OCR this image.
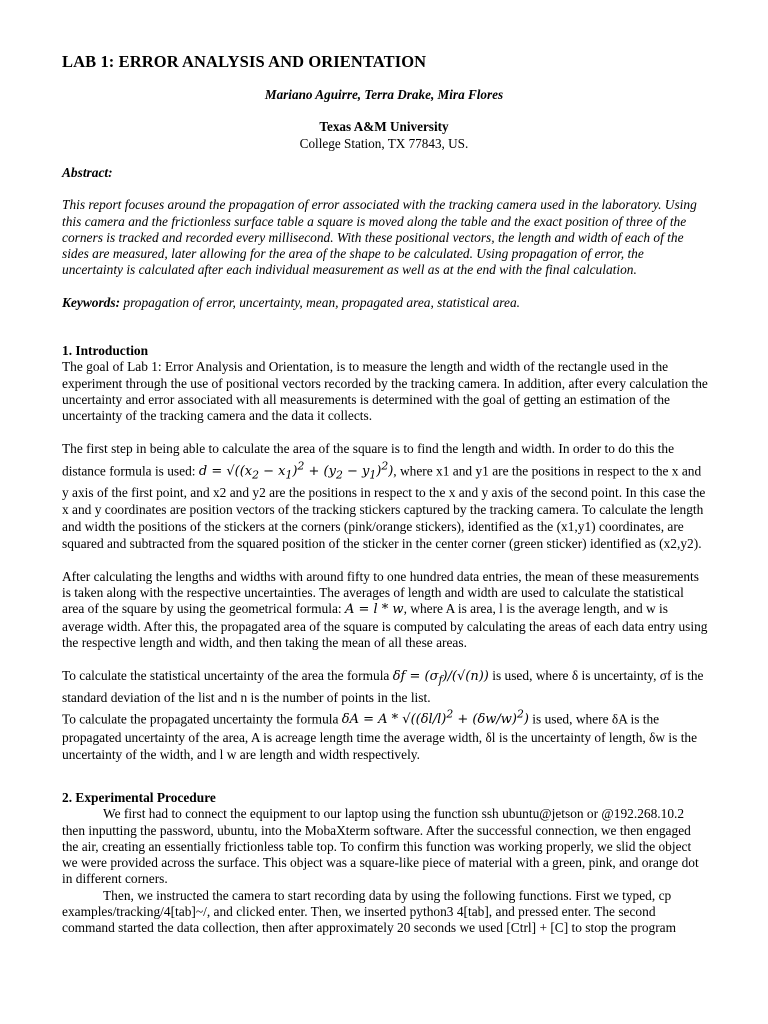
LAB 1: ERROR ANALYSIS AND ORIENTATION
Mariano Aguirre, Terra Drake, Mira Flores
Texas A&M University
College Station, TX 77843, US.

Abstract:

This report focuses around the propagation of error associated with the tracking camera used in the laboratory. Using this camera and the frictionless surface table a square is moved along the table and the exact position of three of the corners is tracked and recorded every millisecond. With these positional vectors, the length and width of each of the sides are measured, later allowing for the area of the shape to be calculated. Using propagation of error, the uncertainty is calculated after each individual measurement as well as at the end with the final calculation.

Keywords: propagation of error, uncertainty, mean, propagated area, statistical area.

1. Introduction

The goal of Lab 1: Error Analysis and Orientation, is to measure the length and width of the rectangle used in the experiment through the use of positional vectors recorded by the tracking camera. In addition, after every calculation the uncertainty and error associated with all measurements is determined with the goal of getting an estimation of the uncertainty of the tracking camera and the data it collects.

The first step in being able to calculate the area of the square is to find the length and width. In order to do this the distance formula is used: $d = √((x_2 - x_1)^2 + (y_2 - y_1)^2)$, where x1 and y1 are the positions in respect to the x and y axis of the first point, and x2 and y2 are the positions in respect to the x and y axis of the second point. In this case the x and y coordinates are position vectors of the tracking stickers captured by the tracking camera. To calculate the length and width the positions of the stickers at the corners (pink/orange stickers), identified as the (x1,y1) coordinates, are squared and subtracted from the squared position of the sticker in the center corner (green sticker) identified as (x2,y2).

After calculating the lengths and widths with around fifty to one hundred data entries, the mean of these measurements is taken along with the respective uncertainties. The averages of length and width are used to calculate the statistical area of the square by using the geometrical formula: A = l * w, where A is area, l is the average length, and w is average width. After this, the propagated area of the square is computed by calculating the areas of each data entry using the respective length and width, and then taking the mean of all these areas.

To calculate the statistical uncertainty of the area the formula $\delta f = (\sigma_f)/(√(n))$ is used, where δ is uncertainty, σf is the standard deviation of the list and n is the number of points in the list.

To calculate the propagated uncertainty the formula $\delta A = A * √((\delta l/l)^2 + (\delta w/w)^2)$ is used, where δA is the propagated uncertainty of the area, A is acreage length time the average width, δl is the uncertainty of length, δw is the uncertainty of the width, and l w are length and width respectively.

2. Experimental Procedure

We first had to connect the equipment to our laptop using the function ssh ubuntu@jetson or @192.268.10.2 then inputting the password, ubuntu, into the MobaXterm software. After the successful connection, we then engaged the air, creating an essentially frictionless table top. To confirm this function was working properly, we slid the object we were provided across the surface. This object was a square-like piece of material with a green, pink, and orange dot in different corners.

Then, we instructed the camera to start recording data by using the following functions. First we typed, cp examples/tracking/4[tab]~/, and clicked enter. Then, we inserted python3 4[tab], and pressed enter. The second command started the data collection, then after approximately 20 seconds we used [Ctrl] + [C] to stop the program
